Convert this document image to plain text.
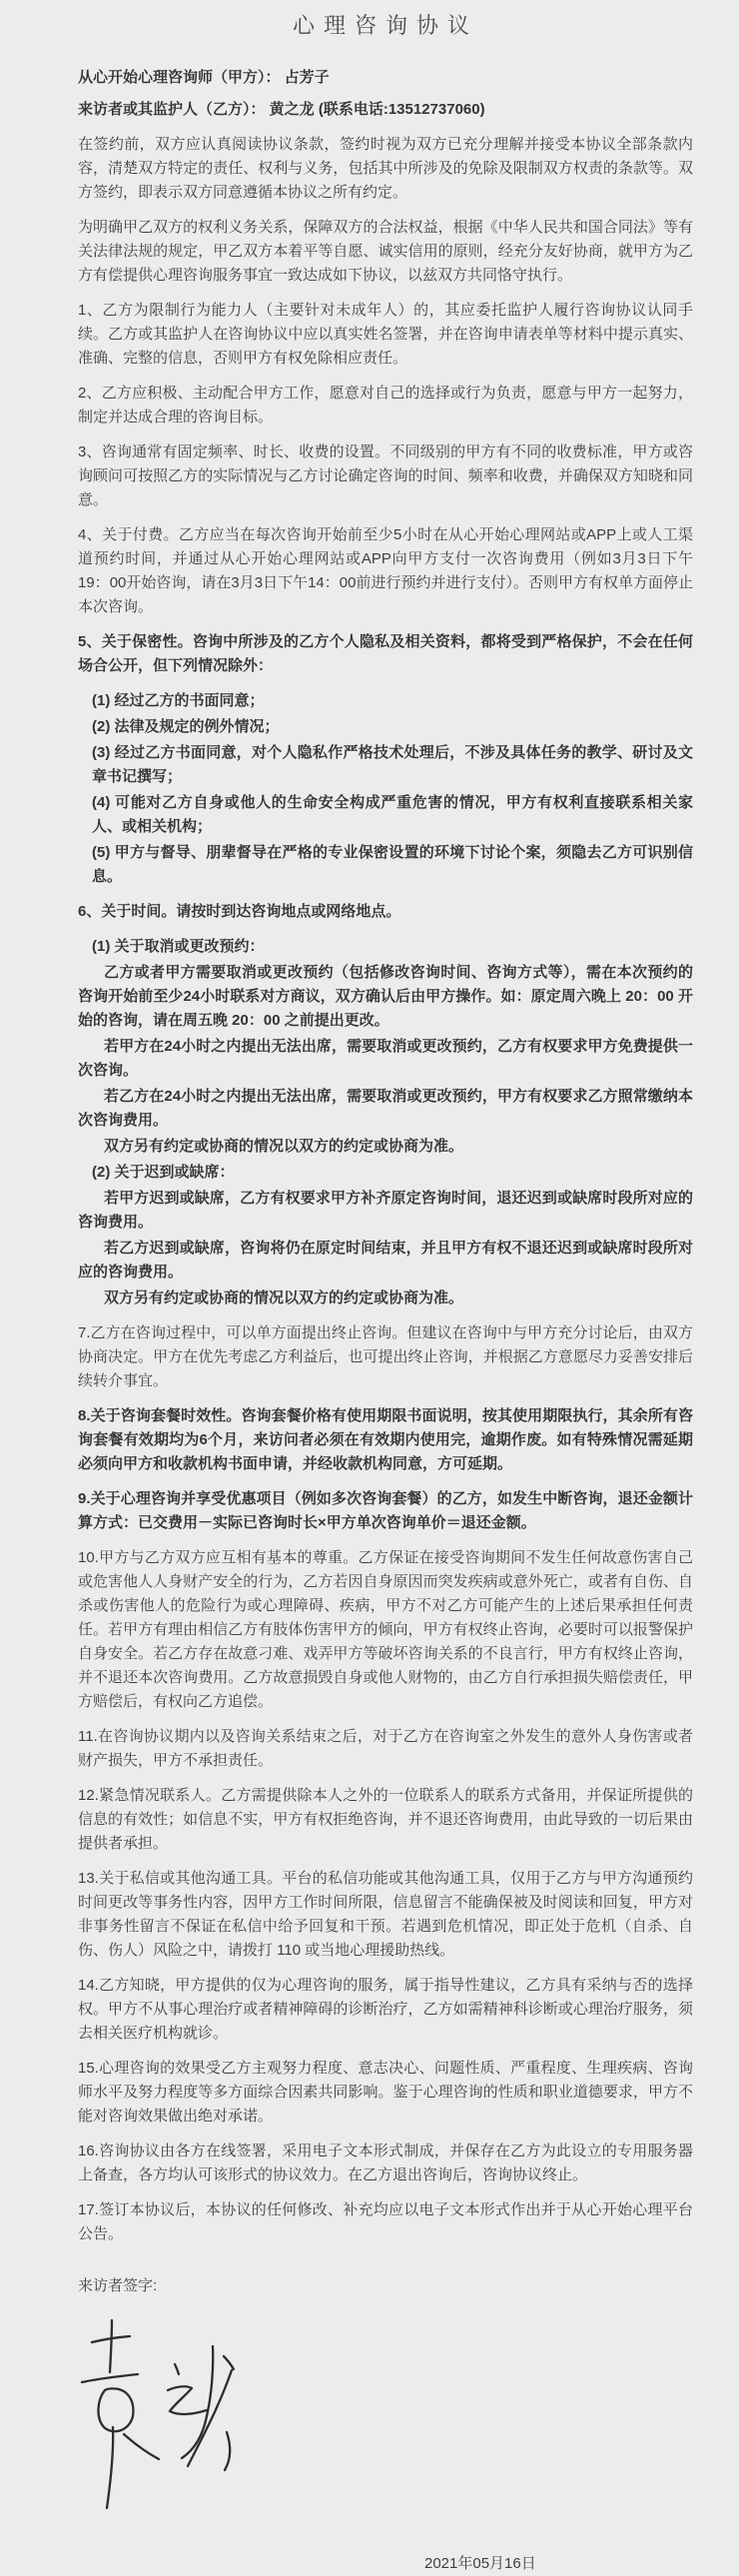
心理咨询协议

从心开始心理咨询师（甲方）： 占芳子

来访者或其监护人（乙方）： 黄之龙 (联系电话:13512737060)

在签约前，双方应认真阅读协议条款，签约时视为双方已充分理解并接受本协议全部条款内容，清楚双方特定的责任、权利与义务，包括其中所涉及的免除及限制双方权责的条款等。双方签约，即表示双方同意遵循本协议之所有约定。

为明确甲乙双方的权利义务关系，保障双方的合法权益，根据《中华人民共和国合同法》等有关法律法规的规定，甲乙双方本着平等自愿、诚实信用的原则，经充分友好协商，就甲方为乙方有偿提供心理咨询服务事宜一致达成如下协议，以兹双方共同恪守执行。

1、乙方为限制行为能力人（主要针对未成年人）的，其应委托监护人履行咨询协议认同手续。乙方或其监护人在咨询协议中应以真实姓名签署，并在咨询申请表单等材料中提示真实、准确、完整的信息，否则甲方有权免除相应责任。

2、乙方应积极、主动配合甲方工作，愿意对自己的选择或行为负责，愿意与甲方一起努力，制定并达成合理的咨询目标。

3、咨询通常有固定频率、时长、收费的设置。不同级别的甲方有不同的收费标准，甲方或咨询顾问可按照乙方的实际情况与乙方讨论确定咨询的时间、频率和收费，并确保双方知晓和同意。

4、关于付费。乙方应当在每次咨询开始前至少5小时在从心开始心理网站或APP上或人工渠道预约时间，并通过从心开始心理网站或APP向甲方支付一次咨询费用（例如3月3日下午19：00开始咨询，请在3月3日下午14：00前进行预约并进行支付）。否则甲方有权单方面停止本次咨询。

5、关于保密性。咨询中所涉及的乙方个人隐私及相关资料，都将受到严格保护，不会在任何场合公开，但下列情况除外：

(1) 经过乙方的书面同意；

(2) 法律及规定的例外情况；

(3) 经过乙方书面同意，对个人隐私作严格技术处理后，不涉及具体任务的教学、研讨及文章书记撰写；

(4) 可能对乙方自身或他人的生命安全构成严重危害的情况，甲方有权利直接联系相关家人、或相关机构；

(5) 甲方与督导、朋辈督导在严格的专业保密设置的环境下讨论个案，须隐去乙方可识别信息。

6、关于时间。请按时到达咨询地点或网络地点。

(1) 关于取消或更改预约：

乙方或者甲方需要取消或更改预约（包括修改咨询时间、咨询方式等），需在本次预约的咨询开始前至少24小时联系对方商议，双方确认后由甲方操作。如：原定周六晚上 20：00 开始的咨询，请在周五晚 20：00 之前提出更改。

若甲方在24小时之内提出无法出席，需要取消或更改预约，乙方有权要求甲方免费提供一次咨询。

若乙方在24小时之内提出无法出席，需要取消或更改预约，甲方有权要求乙方照常缴纳本次咨询费用。

双方另有约定或协商的情况以双方的约定或协商为准。

(2) 关于迟到或缺席：

若甲方迟到或缺席，乙方有权要求甲方补齐原定咨询时间，退还迟到或缺席时段所对应的咨询费用。

若乙方迟到或缺席，咨询将仍在原定时间结束，并且甲方有权不退还迟到或缺席时段所对应的咨询费用。

双方另有约定或协商的情况以双方的约定或协商为准。

7.乙方在咨询过程中，可以单方面提出终止咨询。但建议在咨询中与甲方充分讨论后，由双方协商决定。甲方在优先考虑乙方利益后，也可提出终止咨询，并根据乙方意愿尽力妥善安排后续转介事宜。

8.关于咨询套餐时效性。咨询套餐价格有使用期限书面说明，按其使用期限执行，其余所有咨询套餐有效期均为6个月，来访问者必须在有效期内使用完，逾期作废。如有特殊情况需延期必须向甲方和收款机构书面申请，并经收款机构同意，方可延期。

9.关于心理咨询并享受优惠项目（例如多次咨询套餐）的乙方，如发生中断咨询，退还金额计算方式：已交费用－实际已咨询时长×甲方单次咨询单价＝退还金额。

10.甲方与乙方双方应互相有基本的尊重。乙方保证在接受咨询期间不发生任何故意伤害自己或危害他人人身财产安全的行为，乙方若因自身原因而突发疾病或意外死亡，或者有自伤、自杀或伤害他人的危险行为或心理障碍、疾病，甲方不对乙方可能产生的上述后果承担任何责任。若甲方有理由相信乙方有肢体伤害甲方的倾向，甲方有权终止咨询，必要时可以报警保护自身安全。若乙方存在故意刁难、戏弄甲方等破坏咨询关系的不良言行，甲方有权终止咨询，并不退还本次咨询费用。乙方故意损毁自身或他人财物的，由乙方自行承担损失赔偿责任，甲方赔偿后，有权向乙方追偿。

11.在咨询协议期内以及咨询关系结束之后，对于乙方在咨询室之外发生的意外人身伤害或者财产损失，甲方不承担责任。

12.紧急情况联系人。乙方需提供除本人之外的一位联系人的联系方式备用，并保证所提供的信息的有效性；如信息不实，甲方有权拒绝咨询，并不退还咨询费用，由此导致的一切后果由提供者承担。

13.关于私信或其他沟通工具。平台的私信功能或其他沟通工具，仅用于乙方与甲方沟通预约时间更改等事务性内容，因甲方工作时间所限，信息留言不能确保被及时阅读和回复，甲方对非事务性留言不保证在私信中给予回复和干预。若遇到危机情况，即正处于危机（自杀、自伤、伤人）风险之中，请拨打 110 或当地心理援助热线。

14.乙方知晓，甲方提供的仅为心理咨询的服务，属于指导性建议，乙方具有采纳与否的选择权。甲方不从事心理治疗或者精神障碍的诊断治疗，乙方如需精神科诊断或心理治疗服务，须去相关医疗机构就诊。

15.心理咨询的效果受乙方主观努力程度、意志决心、问题性质、严重程度、生理疾病、咨询师水平及努力程度等多方面综合因素共同影响。鉴于心理咨询的性质和职业道德要求，甲方不能对咨询效果做出绝对承诺。

16.咨询协议由各方在线签署，采用电子文本形式制成，并保存在乙方为此设立的专用服务器上备查，各方均认可该形式的协议效力。在乙方退出咨询后，咨询协议终止。

17.签订本协议后，本协议的任何修改、补充均应以电子文本形式作出并于从心开始心理平台公告。

来访者签字:

2021年05月16日
